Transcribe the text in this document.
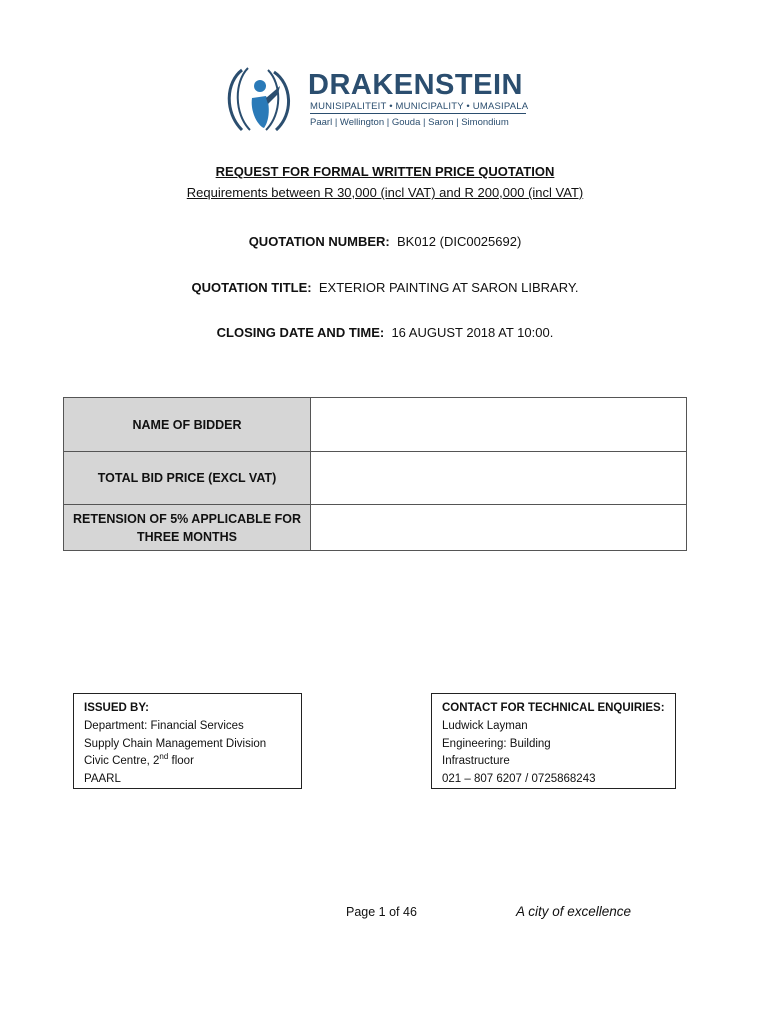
DRAKENSTEIN
MUNISIPALITEIT • MUNICIPALITY • UMASIPALA
Paarl | Wellington | Gouda | Saron | Simondium
REQUEST FOR FORMAL WRITTEN PRICE QUOTATION
Requirements between R 30,000 (incl VAT) and R 200,000 (incl VAT)
QUOTATION NUMBER: BK012 (DIC0025692)
QUOTATION TITLE: EXTERIOR PAINTING AT SARON LIBRARY.
CLOSING DATE AND TIME: 16 AUGUST 2018 AT 10:00.
NAME OF BIDDER	
TOTAL BID PRICE (EXCL VAT)	
RETENSION OF 5% APPLICABLE FOR
THREE MONTHS	
ISSUED BY:
Department: Financial Services
Supply Chain Management Division
Civic Centre, 2nd floor
PAARL
CONTACT FOR TECHNICAL ENQUIRIES:
Ludwick Layman
Engineering: Building
Infrastructure
021 – 807 6207 / 0725868243
Page 1 of 46	A city of excellence
